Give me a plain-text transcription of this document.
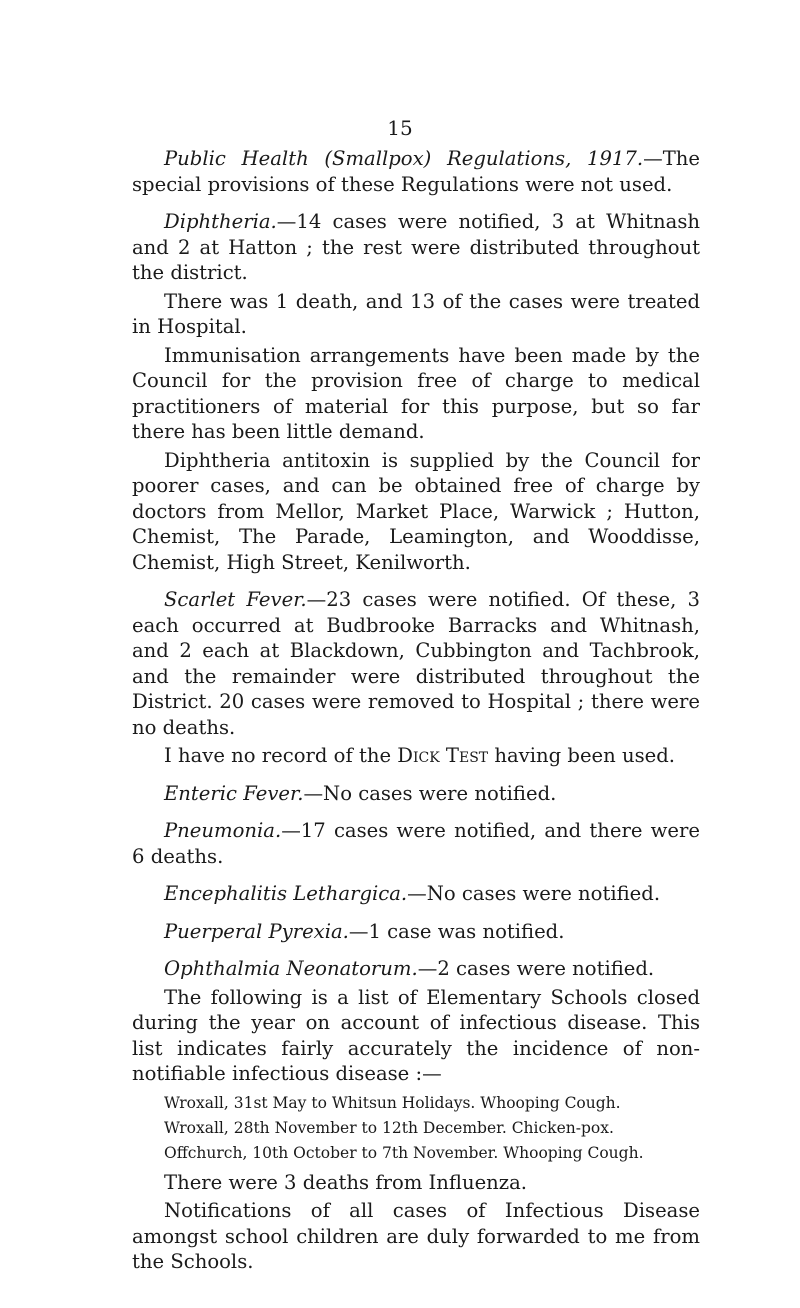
15

Public Health (Smallpox) Regulations, 1917.—The special provisions of these Regulations were not used.

Diphtheria.—14 cases were notified, 3 at Whitnash and 2 at Hatton ; the rest were distributed throughout the district.

There was 1 death, and 13 of the cases were treated in Hospital.

Immunisation arrangements have been made by the Council for the provision free of charge to medical practitioners of material for this purpose, but so far there has been little demand.

Diphtheria antitoxin is supplied by the Council for poorer cases, and can be obtained free of charge by doctors from Mellor, Market Place, Warwick ; Hutton, Chemist, The Parade, Leamington, and Wooddisse, Chemist, High Street, Kenilworth.

Scarlet Fever.—23 cases were notified. Of these, 3 each occurred at Budbrooke Barracks and Whitnash, and 2 each at Blackdown, Cubbington and Tachbrook, and the remainder were distributed throughout the District. 20 cases were removed to Hospital ; there were no deaths.

I have no record of the Dick Test having been used.

Enteric Fever.—No cases were notified.

Pneumonia.—17 cases were notified, and there were 6 deaths.

Encephalitis Lethargica.—No cases were notified.

Puerperal Pyrexia.—1 case was notified.

Ophthalmia Neonatorum.—2 cases were notified.

The following is a list of Elementary Schools closed during the year on account of infectious disease. This list indicates fairly accurately the incidence of non-notifiable infectious disease :—

Wroxall, 31st May to Whitsun Holidays. Whooping Cough.

Wroxall, 28th November to 12th December. Chicken-pox.

Offchurch, 10th October to 7th November. Whooping Cough.

There were 3 deaths from Influenza.

Notifications of all cases of Infectious Disease amongst school children are duly forwarded to me from the Schools.
